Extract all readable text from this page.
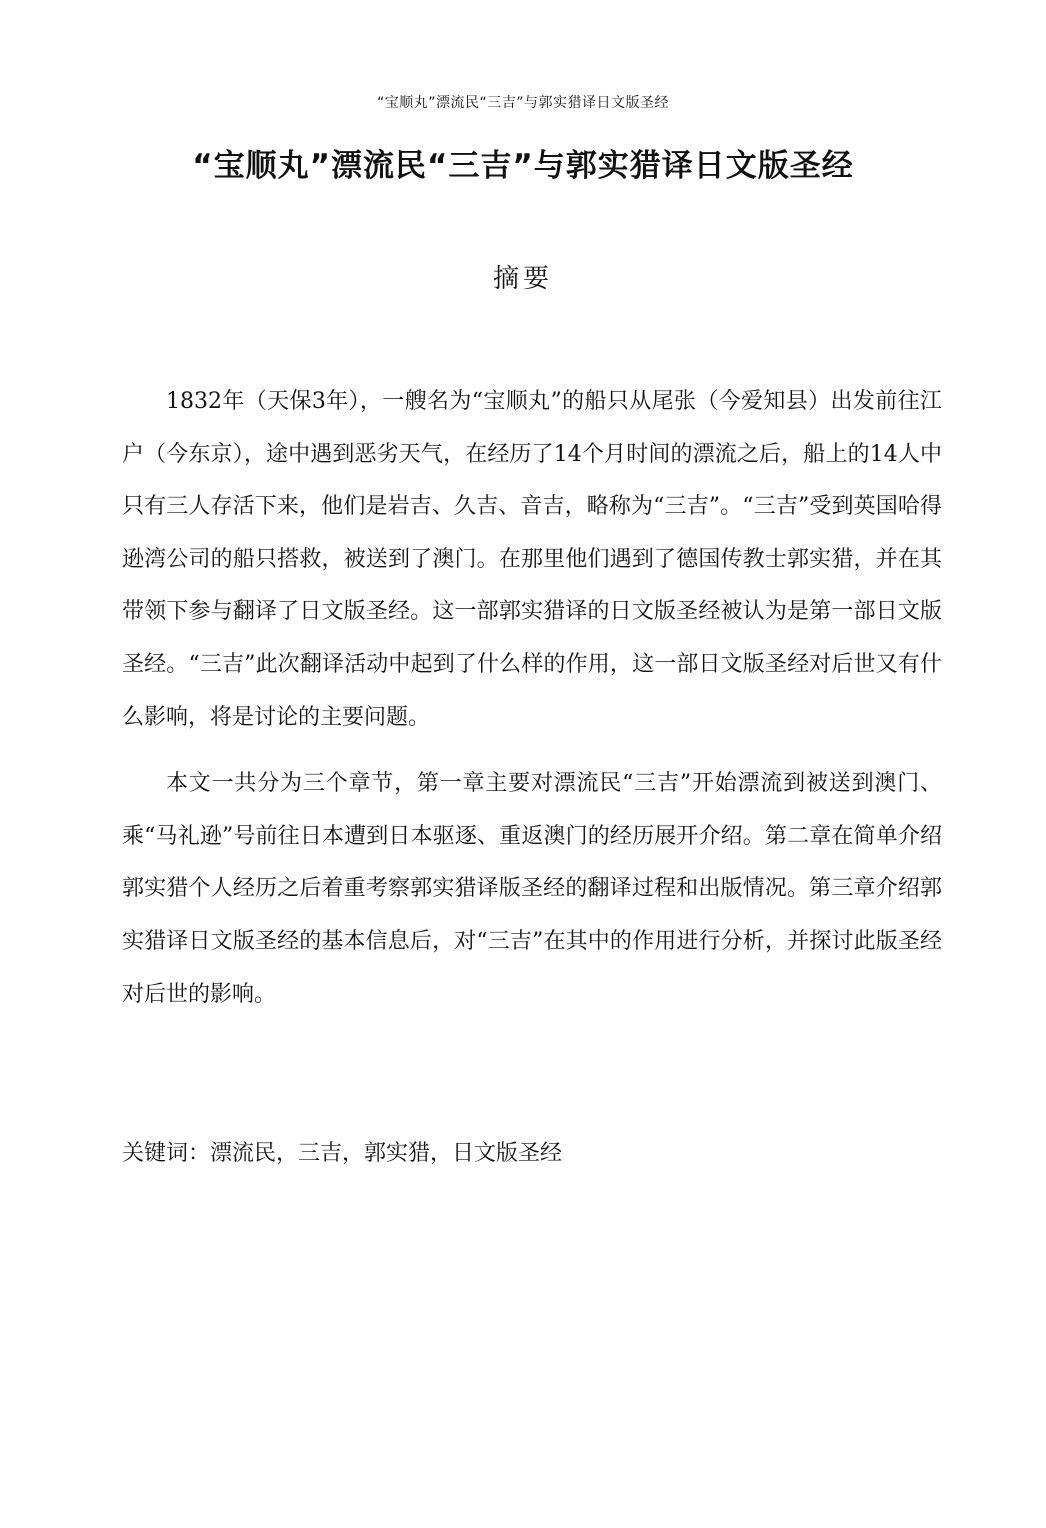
“宝顺丸”漂流民“三吉”与郭实猎译日文版圣经
“宝顺丸”漂流民“三吉”与郭实猎译日文版圣经
摘要

1832年（天保3年），一艘名为“宝顺丸”的船只从尾张（今爱知县）出发前往江户（今东京），途中遇到恶劣天气，在经历了14个月时间的漂流之后，船上的14人中只有三人存活下来，他们是岩吉、久吉、音吉，略称为“三吉”。“三吉”受到英国哈得逊湾公司的船只搭救，被送到了澳门。在那里他们遇到了德国传教士郭实猎，并在其带领下参与翻译了日文版圣经。这一部郭实猎译的日文版圣经被认为是第一部日文版圣经。“三吉”此次翻译活动中起到了什么样的作用，这一部日文版圣经对后世又有什么影响，将是讨论的主要问题。

本文一共分为三个章节，第一章主要对漂流民“三吉”开始漂流到被送到澳门、乘“马礼逊”号前往日本遭到日本驱逐、重返澳门的经历展开介绍。第二章在简单介绍郭实猎个人经历之后着重考察郭实猎译版圣经的翻译过程和出版情况。第三章介绍郭实猎译日文版圣经的基本信息后，对“三吉”在其中的作用进行分析，并探讨此版圣经对后世的影响。

关键词：漂流民，三吉，郭实猎，日文版圣经
